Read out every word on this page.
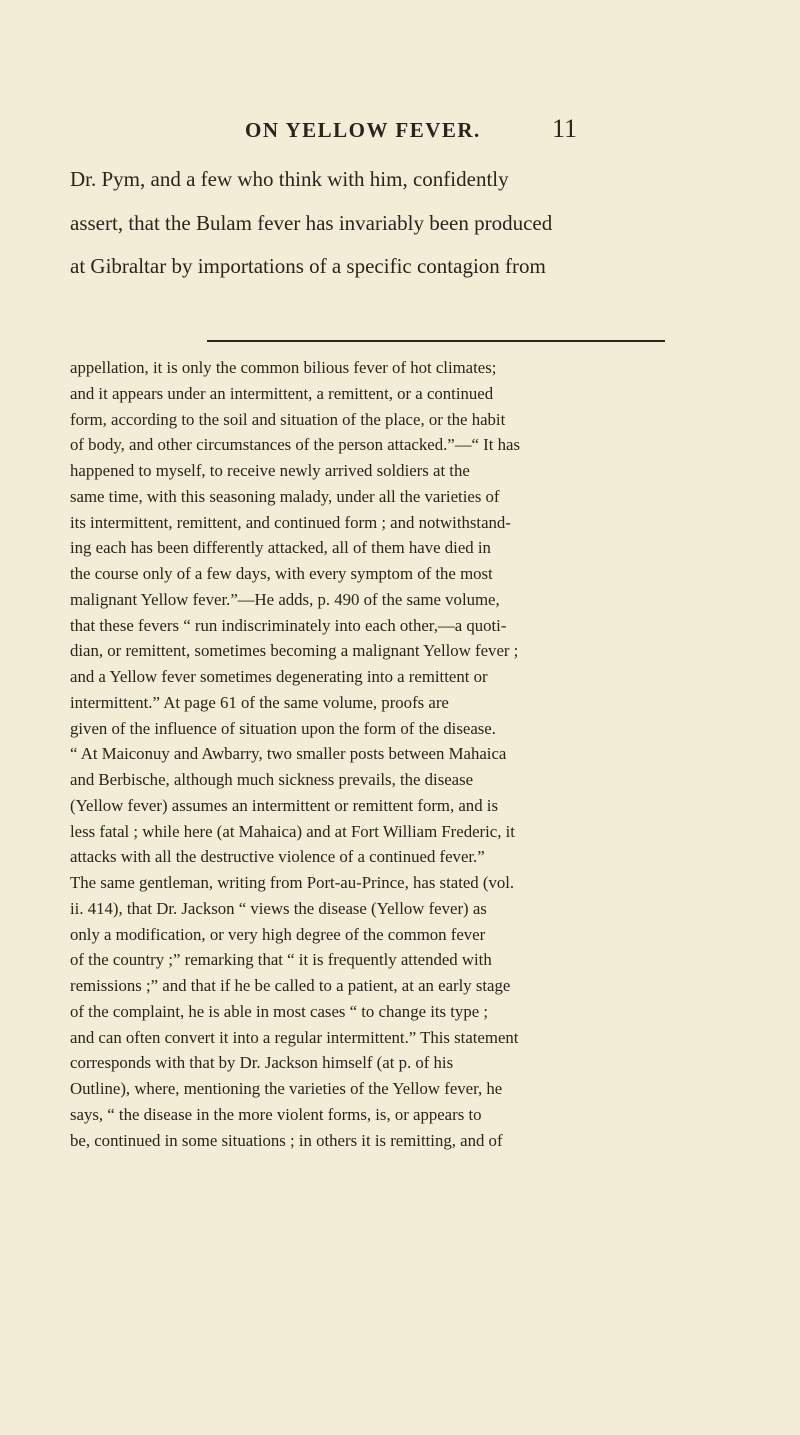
ON YELLOW FEVER.	11
Dr. Pym, and a few who think with him, confidently
assert, that the Bulam fever has invariably been produced
at Gibraltar by importations of a specific contagion from
appellation, it is only the common bilious fever of hot climates;
and it appears under an intermittent, a remittent, or a continued
form, according to the soil and situation of the place, or the habit
of body, and other circumstances of the person attacked.”—“ It has
happened to myself, to receive newly arrived soldiers at the
same time, with this seasoning malady, under all the varieties of
its intermittent, remittent, and continued form ; and notwithstand-
ing each has been differently attacked, all of them have died in
the course only of a few days, with every symptom of the most
malignant Yellow fever.”—He adds, p. 490 of the same volume,
that these fevers “ run indiscriminately into each other,—a quoti-
dian, or remittent, sometimes becoming a malignant Yellow fever ;
and a Yellow fever sometimes degenerating into a remittent or
intermittent.” At page 61 of the same volume, proofs are
given of the influence of situation upon the form of the disease.
“ At Maiconuy and Awbarry, two smaller posts between Mahaica
and Berbische, although much sickness prevails, the disease
(Yellow fever) assumes an intermittent or remittent form, and is
less fatal ; while here (at Mahaica) and at Fort William Frederic, it
attacks with all the destructive violence of a continued fever.”
The same gentleman, writing from Port-au-Prince, has stated (vol.
ii. 414), that Dr. Jackson “ views the disease (Yellow fever) as
only a modification, or very high degree of the common fever
of the country ;” remarking that “ it is frequently attended with
remissions ;” and that if he be called to a patient, at an early stage
of the complaint, he is able in most cases “ to change its type ;
and can often convert it into a regular intermittent.” This statement
corresponds with that by Dr. Jackson himself (at p. of his
Outline), where, mentioning the varieties of the Yellow fever, he
says, “ the disease in the more violent forms, is, or appears to
be, continued in some situations ; in others it is remitting, and of
